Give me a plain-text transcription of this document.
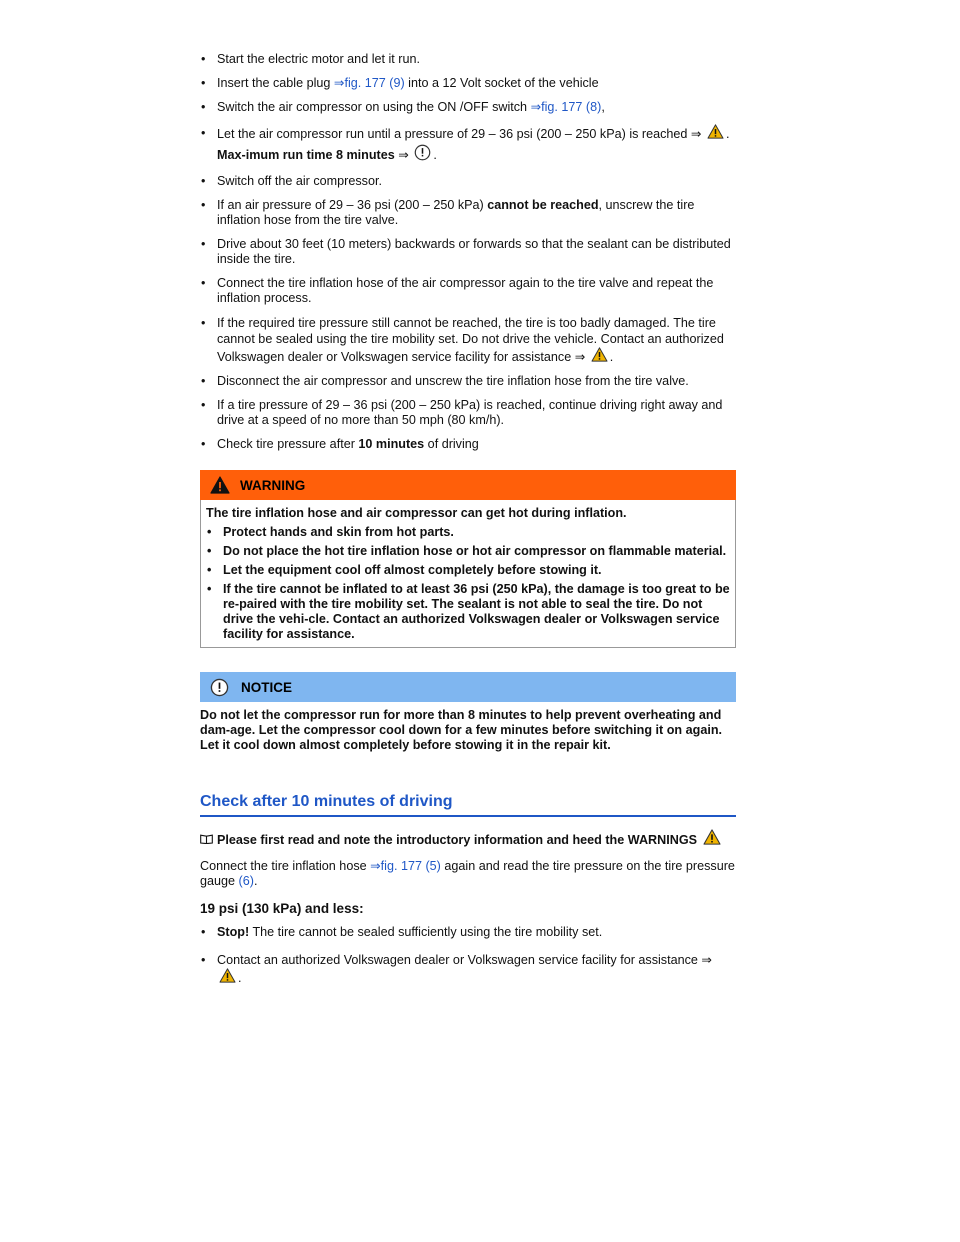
• Start the electric motor and let it run.
• Insert the cable plug ⇒fig. 177 (9) into a 12 Volt socket of the vehicle
• Switch the air compressor on using the ON /OFF switch ⇒fig. 177 (8),
• Let the air compressor run until a pressure of 29 – 36 psi (200 – 250 kPa) is reached ⇒ . Max-imum run time 8 minutes ⇒ .
• Switch off the air compressor.
• If an air pressure of 29 – 36 psi (200 – 250 kPa) cannot be reached, unscrew the tire inflation hose from the tire valve.
• Drive about 30 feet (10 meters) backwards or forwards so that the sealant can be distributed inside the tire.
• Connect the tire inflation hose of the air compressor again to the tire valve and repeat the inflation process.
• If the required tire pressure still cannot be reached, the tire is too badly damaged. The tire cannot be sealed using the tire mobility set. Do not drive the vehicle. Contact an authorized Volkswagen dealer or Volkswagen service facility for assistance ⇒ .
• Disconnect the air compressor and unscrew the tire inflation hose from the tire valve.
• If a tire pressure of 29 – 36 psi (200 – 250 kPa) is reached, continue driving right away and drive at a speed of no more than 50 mph (80 km/h).
• Check tire pressure after 10 minutes of driving
WARNING
The tire inflation hose and air compressor can get hot during inflation.
• Protect hands and skin from hot parts.
• Do not place the hot tire inflation hose or hot air compressor on flammable material.
• Let the equipment cool off almost completely before stowing it.
• If the tire cannot be inflated to at least 36 psi (250 kPa), the damage is too great to be re-paired with the tire mobility set. The sealant is not able to seal the tire. Do not drive the vehi-cle. Contact an authorized Volkswagen dealer or Volkswagen service facility for assistance.
NOTICE
Do not let the compressor run for more than 8 minutes to help prevent overheating and dam-age. Let the compressor cool down for a few minutes before switching it on again. Let it cool down almost completely before stowing it in the repair kit.
Check after 10 minutes of driving
Please first read and note the introductory information and heed the WARNINGS
Connect the tire inflation hose ⇒fig. 177 (5) again and read the tire pressure on the tire pressure gauge (6).
19 psi (130 kPa) and less:
• Stop! The tire cannot be sealed sufficiently using the tire mobility set.
• Contact an authorized Volkswagen dealer or Volkswagen service facility for assistance ⇒ .
